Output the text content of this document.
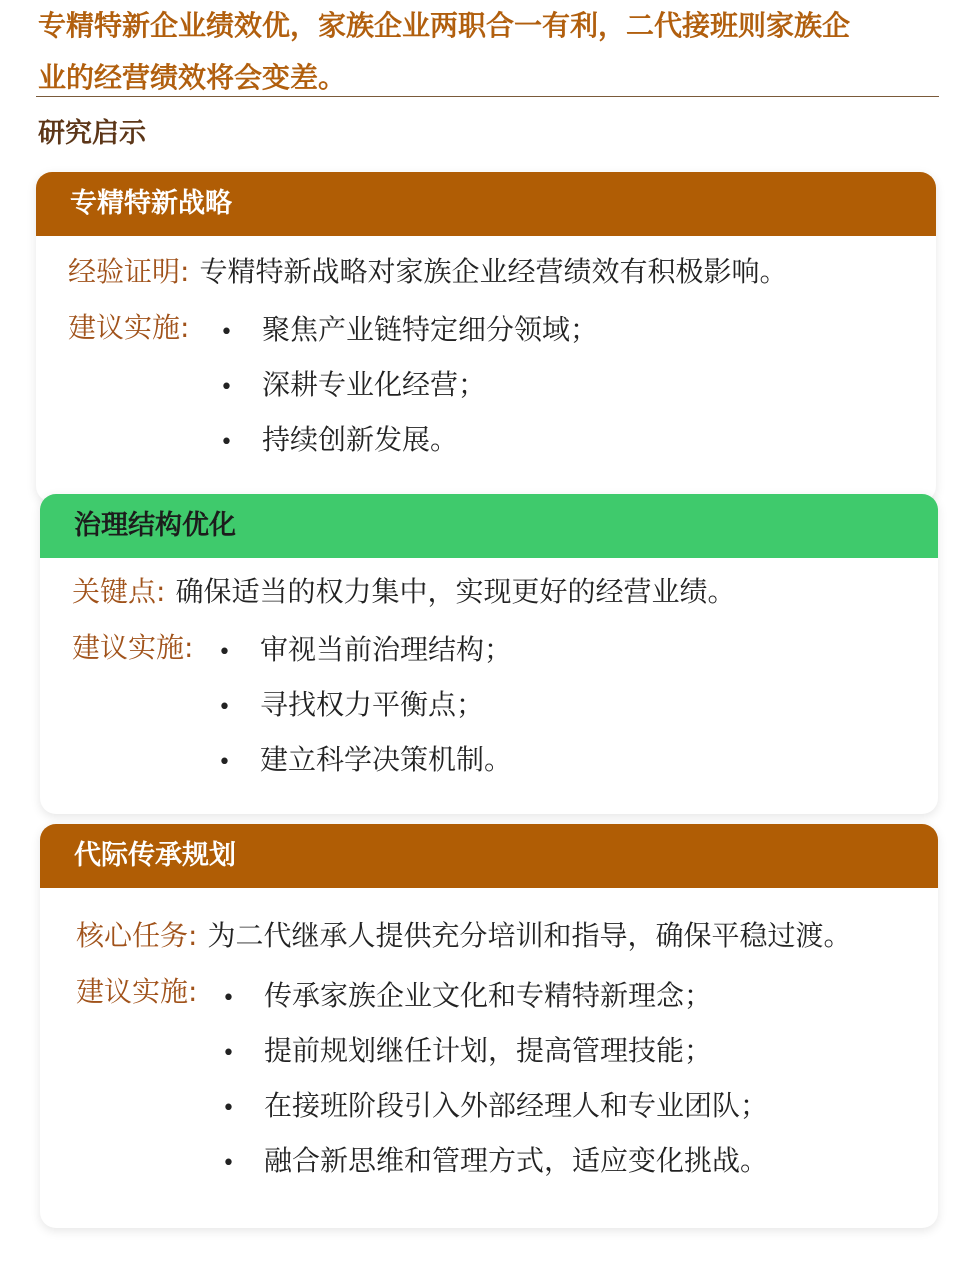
专精特新企业绩效优，家族企业两职合一有利，二代接班则家族企
业的经营绩效将会变差。
研究启示
专精特新战略
经验证明: 专精特新战略对家族企业经营绩效有积极影响。
建议实施: •	聚焦产业链特定细分领域；
•	深耕专业化经营；
•	持续创新发展。
治理结构优化
关键点: 确保适当的权力集中，实现更好的经营业绩。
建议实施: •	审视当前治理结构；
•	寻找权力平衡点；
•	建立科学决策机制。
代际传承规划
核心任务: 为二代继承人提供充分培训和指导，确保平稳过渡。
建议实施: •	传承家族企业文化和专精特新理念；
•	提前规划继任计划，提高管理技能；
•	在接班阶段引入外部经理人和专业团队；
•	融合新思维和管理方式，适应变化挑战。
